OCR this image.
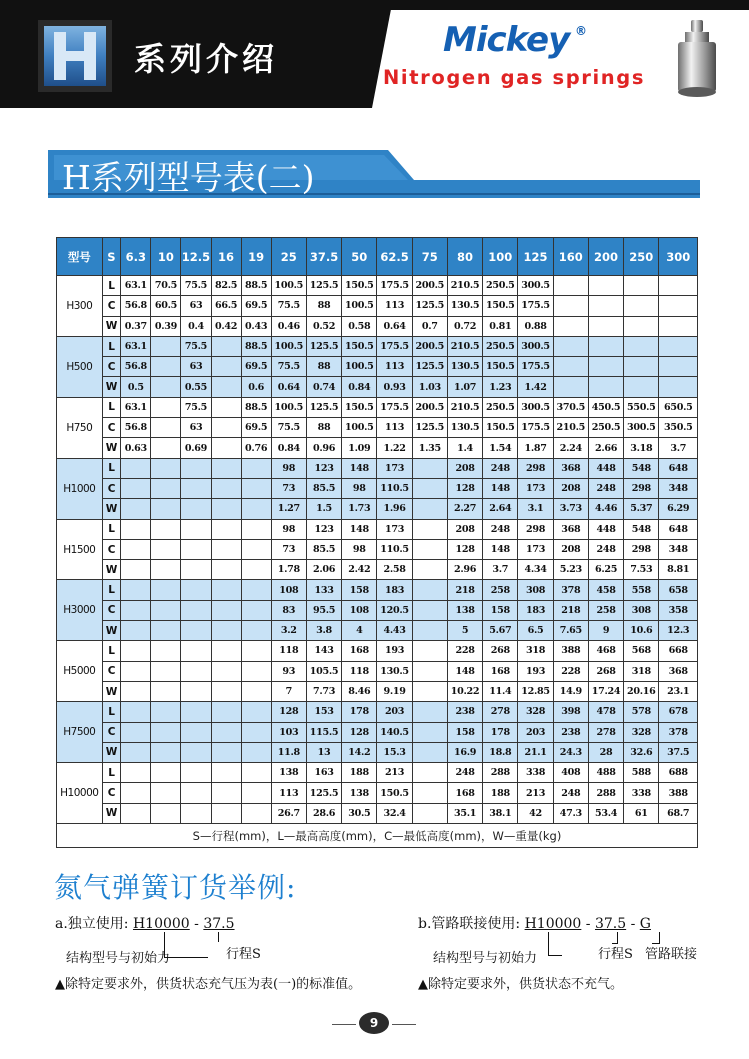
系列介绍	Mickey ®
Nitrogen gas springs
H系列型号表(二)
型号	S	6.3	10	12.5	16	19	25	37.5	50	62.5	75	80	100	125	160	200	250	300
H300	L	63.1	70.5	75.5	82.5	88.5	100.5	125.5	150.5	175.5	200.5	210.5	250.5	300.5				
	C	56.8	60.5	63	66.5	69.5	75.5	88	100.5	113	125.5	130.5	150.5	175.5				
	W	0.37	0.39	0.4	0.42	0.43	0.46	0.52	0.58	0.64	0.7	0.72	0.81	0.88				
H500	L	63.1		75.5		88.5	100.5	125.5	150.5	175.5	200.5	210.5	250.5	300.5				
	C	56.8		63		69.5	75.5	88	100.5	113	125.5	130.5	150.5	175.5				
	W	0.5		0.55		0.6	0.64	0.74	0.84	0.93	1.03	1.07	1.23	1.42				
H750	L	63.1		75.5		88.5	100.5	125.5	150.5	175.5	200.5	210.5	250.5	300.5	370.5	450.5	550.5	650.5
	C	56.8		63		69.5	75.5	88	100.5	113	125.5	130.5	150.5	175.5	210.5	250.5	300.5	350.5
	W	0.63		0.69		0.76	0.84	0.96	1.09	1.22	1.35	1.4	1.54	1.87	2.24	2.66	3.18	3.7
H1000	L						98	123	148	173		208	248	298	368	448	548	648
	C						73	85.5	98	110.5		128	148	173	208	248	298	348
	W						1.27	1.5	1.73	1.96		2.27	2.64	3.1	3.73	4.46	5.37	6.29
H1500	L						98	123	148	173		208	248	298	368	448	548	648
	C						73	85.5	98	110.5		128	148	173	208	248	298	348
	W						1.78	2.06	2.42	2.58		2.96	3.7	4.34	5.23	6.25	7.53	8.81
H3000	L						108	133	158	183		218	258	308	378	458	558	658
	C						83	95.5	108	120.5		138	158	183	218	258	308	358
	W						3.2	3.8	4	4.43		5	5.67	6.5	7.65	9	10.6	12.3
H5000	L						118	143	168	193		228	268	318	388	468	568	668
	C						93	105.5	118	130.5		148	168	193	228	268	318	368
	W						7	7.73	8.46	9.19		10.22	11.4	12.85	14.9	17.24	20.16	23.1
H7500	L						128	153	178	203		238	278	328	398	478	578	678
	C						103	115.5	128	140.5		158	178	203	238	278	328	378
	W						11.8	13	14.2	15.3		16.9	18.8	21.1	24.3	28	32.6	37.5
H10000	L						138	163	188	213		248	288	338	408	488	588	688
	C						113	125.5	138	150.5		168	188	213	248	288	338	388
	W						26.7	28.6	30.5	32.4		35.1	38.1	42	47.3	53.4	61	68.7
S—行程(mm)，L—最高高度(mm)，C—最低高度(mm)，W—重量(kg)																		
氮气弹簧订货举例:
a.独立使用: H10000 - 37.5
结构型号与初始力	行程S
▲除特定要求外，供货状态充气压为表(一)的标准值。
b.管路联接使用: H10000 - 37.5 - G
结构型号与初始力	行程S 管路联接
▲除特定要求外，供货状态不充气。
9
